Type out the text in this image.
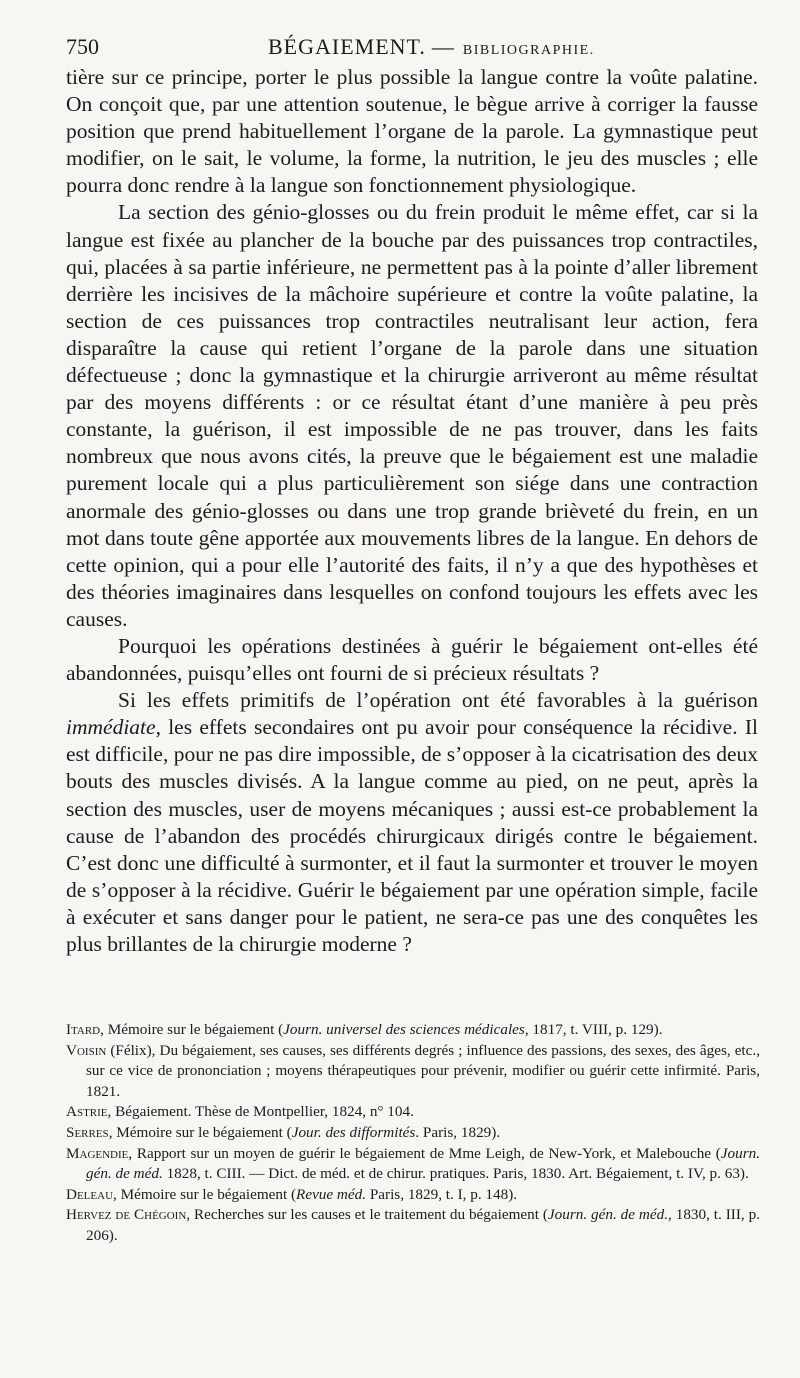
750	BÉGAIEMENT. — BIBLIOGRAPHIE.

tière sur ce principe, porter le plus possible la langue contre la voûte palatine. On conçoit que, par une attention soutenue, le bègue arrive à corriger la fausse position que prend habituellement l’organe de la parole. La gymnastique peut modifier, on le sait, le volume, la forme, la nutrition, le jeu des muscles ; elle pourra donc rendre à la langue son fonctionnement physiologique.

La section des génio-glosses ou du frein produit le même effet, car si la langue est fixée au plancher de la bouche par des puissances trop contractiles, qui, placées à sa partie inférieure, ne permettent pas à la pointe d’aller librement derrière les incisives de la mâchoire supérieure et contre la voûte palatine, la section de ces puissances trop contractiles neutralisant leur action, fera disparaître la cause qui retient l’organe de la parole dans une situation défectueuse ; donc la gymnastique et la chirurgie arriveront au même résultat par des moyens différents : or ce résultat étant d’une manière à peu près constante, la guérison, il est impossible de ne pas trouver, dans les faits nombreux que nous avons cités, la preuve que le bégaiement est une maladie purement locale qui a plus particulièrement son siége dans une contraction anormale des génio-glosses ou dans une trop grande brièveté du frein, en un mot dans toute gêne apportée aux mouvements libres de la langue. En dehors de cette opinion, qui a pour elle l’autorité des faits, il n’y a que des hypothèses et des théories imaginaires dans lesquelles on confond toujours les effets avec les causes.

Pourquoi les opérations destinées à guérir le bégaiement ont-elles été abandonnées, puisqu’elles ont fourni de si précieux résultats ?

Si les effets primitifs de l’opération ont été favorables à la guérison immédiate, les effets secondaires ont pu avoir pour conséquence la récidive. Il est difficile, pour ne pas dire impossible, de s’opposer à la cicatrisation des deux bouts des muscles divisés. A la langue comme au pied, on ne peut, après la section des muscles, user de moyens mécaniques ; aussi est-ce probablement la cause de l’abandon des procédés chirurgicaux dirigés contre le bégaiement. C’est donc une difficulté à surmonter, et il faut la surmonter et trouver le moyen de s’opposer à la récidive. Guérir le bégaiement par une opération simple, facile à exécuter et sans danger pour le patient, ne sera-ce pas une des conquêtes les plus brillantes de la chirurgie moderne ?

Itard, Mémoire sur le bégaiement (Journ. universel des sciences médicales, 1817, t. VIII, p. 129).

Voisin (Félix), Du bégaiement, ses causes, ses différents degrés ; influence des passions, des sexes, des âges, etc., sur ce vice de prononciation ; moyens thérapeutiques pour prévenir, modifier ou guérir cette infirmité. Paris, 1821.

Astrie, Bégaiement. Thèse de Montpellier, 1824, n° 104.

Serres, Mémoire sur le bégaiement (Jour. des difformités. Paris, 1829).

Magendie, Rapport sur un moyen de guérir le bégaiement de Mme Leigh, de New-York, et Malebouche (Journ. gén. de méd. 1828, t. CIII. — Dict. de méd. et de chirur. pratiques. Paris, 1830. Art. Bégaiement, t. IV, p. 63).

Deleau, Mémoire sur le bégaiement (Revue méd. Paris, 1829, t. I, p. 148).

Hervez de Chégoin, Recherches sur les causes et le traitement du bégaiement (Journ. gén. de méd., 1830, t. III, p. 206).
